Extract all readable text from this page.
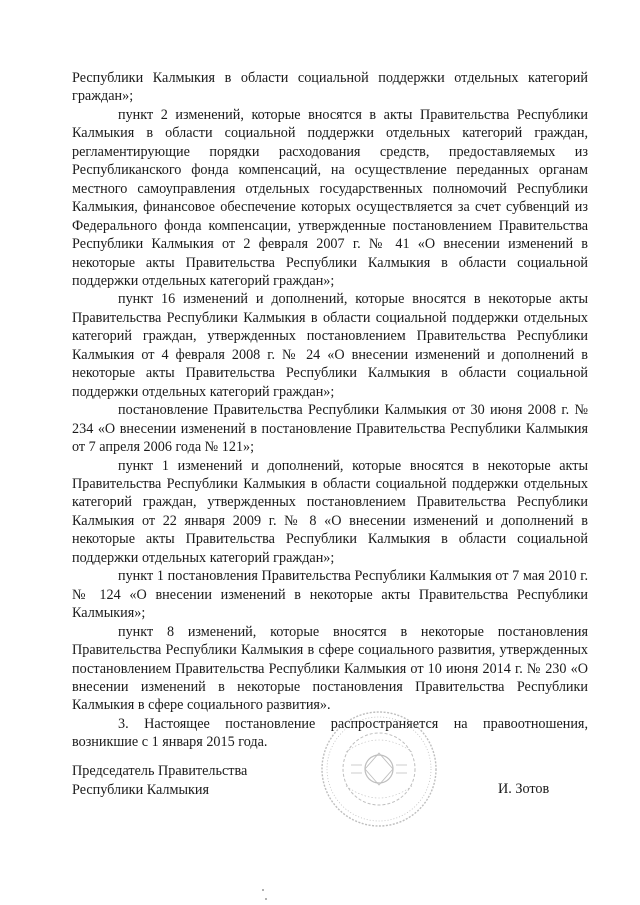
Республики Калмыкия в области социальной поддержки отдельных категорий граждан»;

пункт 2 изменений, которые вносятся в акты Правительства Республики Калмыкия в области социальной поддержки отдельных категорий граждан, регламентирующие порядки расходования средств, предоставляемых из Республиканского фонда компенсаций, на осуществление переданных органам местного самоуправления отдельных государственных полномочий Республики Калмыкия, финансовое обеспечение которых осуществляется за счет субвенций из Федерального фонда компенсации, утвержденные постановлением Правительства Республики Калмыкия от 2 февраля 2007 г. № 41 «О внесении изменений в некоторые акты Правительства Республики Калмыкия в области социальной поддержки отдельных категорий граждан»;

пункт 16 изменений и дополнений, которые вносятся в некоторые акты Правительства Республики Калмыкия в области социальной поддержки отдельных категорий граждан, утвержденных постановлением Правительства Республики Калмыкия от 4 февраля 2008 г. № 24 «О внесении изменений и дополнений в некоторые акты Правительства Республики Калмыкия в области социальной поддержки отдельных категорий граждан»;

постановление Правительства Республики Калмыкия от 30 июня 2008 г. № 234 «О внесении изменений в постановление Правительства Республики Калмыкия от 7 апреля 2006 года № 121»;

пункт 1 изменений и дополнений, которые вносятся в некоторые акты Правительства Республики Калмыкия в области социальной поддержки отдельных категорий граждан, утвержденных постановлением Правительства Республики Калмыкия от 22 января 2009 г. № 8 «О внесении изменений и дополнений в некоторые акты Правительства Республики Калмыкия в области социальной поддержки отдельных категорий граждан»;

пункт 1 постановления Правительства Республики Калмыкия от 7 мая 2010 г. № 124 «О внесении изменений в некоторые акты Правительства Республики Калмыкия»;

пункт 8 изменений, которые вносятся в некоторые постановления Правительства Республики Калмыкия в сфере социального развития, утвержденных постановлением Правительства Республики Калмыкия от 10 июня 2014 г. № 230 «О внесении изменений в некоторые постановления Правительства Республики Калмыкия в сфере социального развития».

3. Настоящее постановление распространяется на правоотношения, возникшие с 1 января 2015 года.

Председатель Правительства
Республики Калмыкия	И. Зотов
